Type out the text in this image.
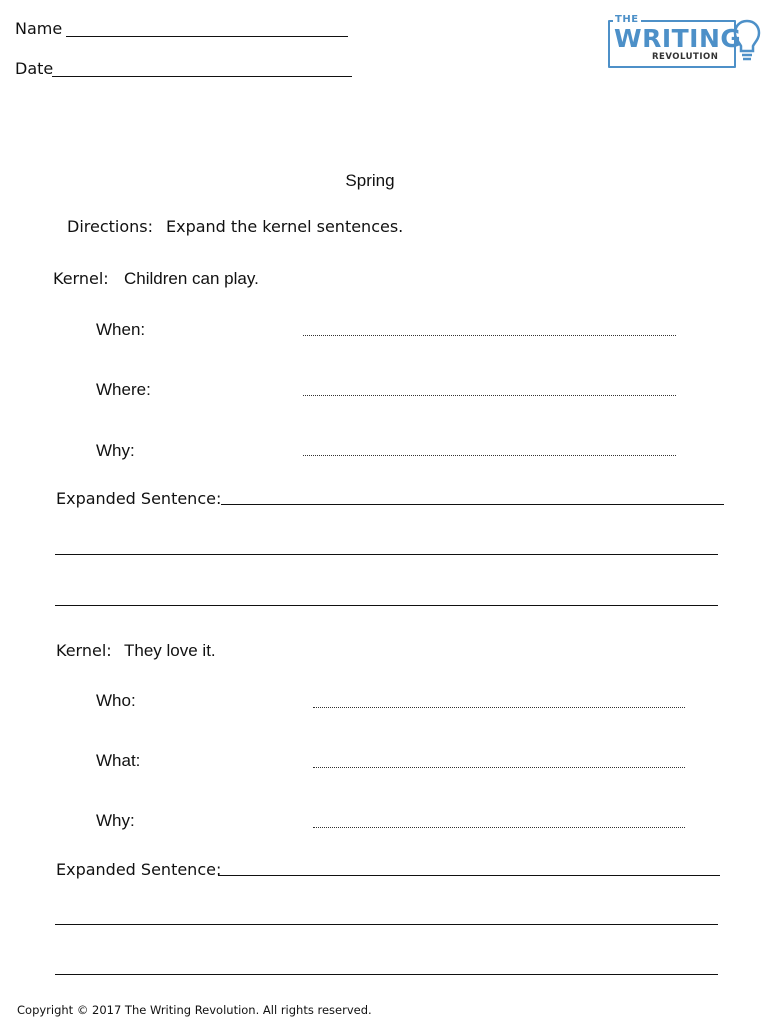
Name
Date
THE
WRITING
REVOLUTION
Spring
Directions: Expand the kernel sentences.
Kernel: Children can play.
When:
Where:
Why:
Expanded Sentence:
Kernel: They love it.
Who:
What:
Why:
Expanded Sentence:
Copyright © 2017 The Writing Revolution. All rights reserved.
